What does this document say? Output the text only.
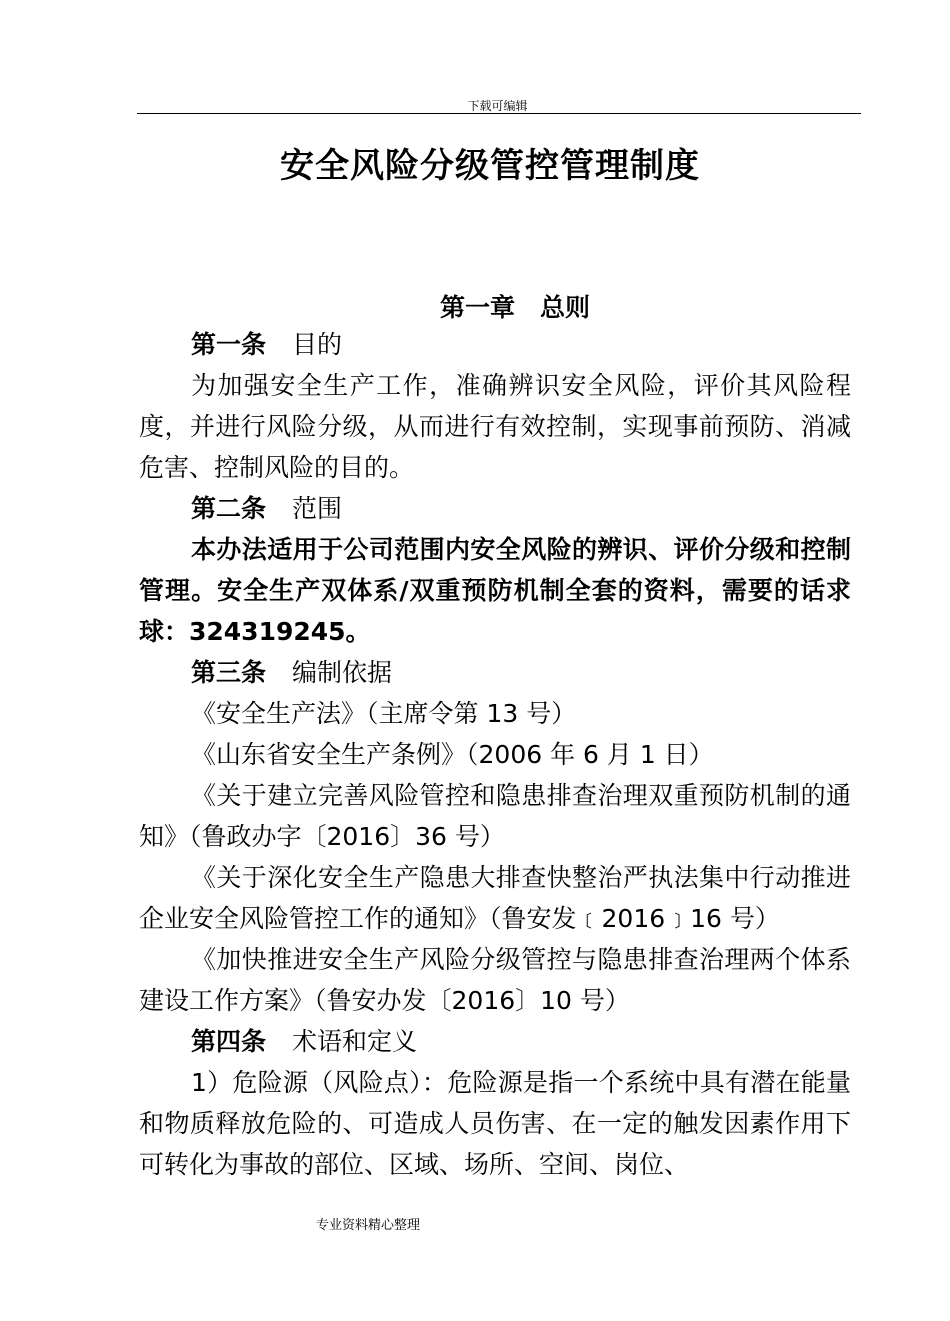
下载可编辑
安全风险分级管控管理制度
第一章　总则

第一条 目的

为加强安全生产工作，准确辨识安全风险，评价其风险程度，并进行风险分级，从而进行有效控制，实现事前预防、消减危害、控制风险的目的。

第二条 范围

本办法适用于公司范围内安全风险的辨识、评价分级和控制管理。安全生产双体系/双重预防机制全套的资料，需要的话求球：324319245。

第三条 编制依据

《安全生产法》（主席令第 13 号）

《山东省安全生产条例》（2006 年 6 月 1 日）

《关于建立完善风险管控和隐患排查治理双重预防机制的通知》（鲁政办字〔2016〕36 号）

《关于深化安全生产隐患大排查快整治严执法集中行动推进企业安全风险管控工作的通知》（鲁安发﹝2016﹞16 号）

《加快推进安全生产风险分级管控与隐患排查治理两个体系建设工作方案》（鲁安办发〔2016〕10 号）

第四条 术语和定义

1）危险源（风险点）：危险源是指一个系统中具有潜在能量和物质释放危险的、可造成人员伤害、在一定的触发因素作用下可转化为事故的部位、区域、场所、空间、岗位、

专业资料精心整理
